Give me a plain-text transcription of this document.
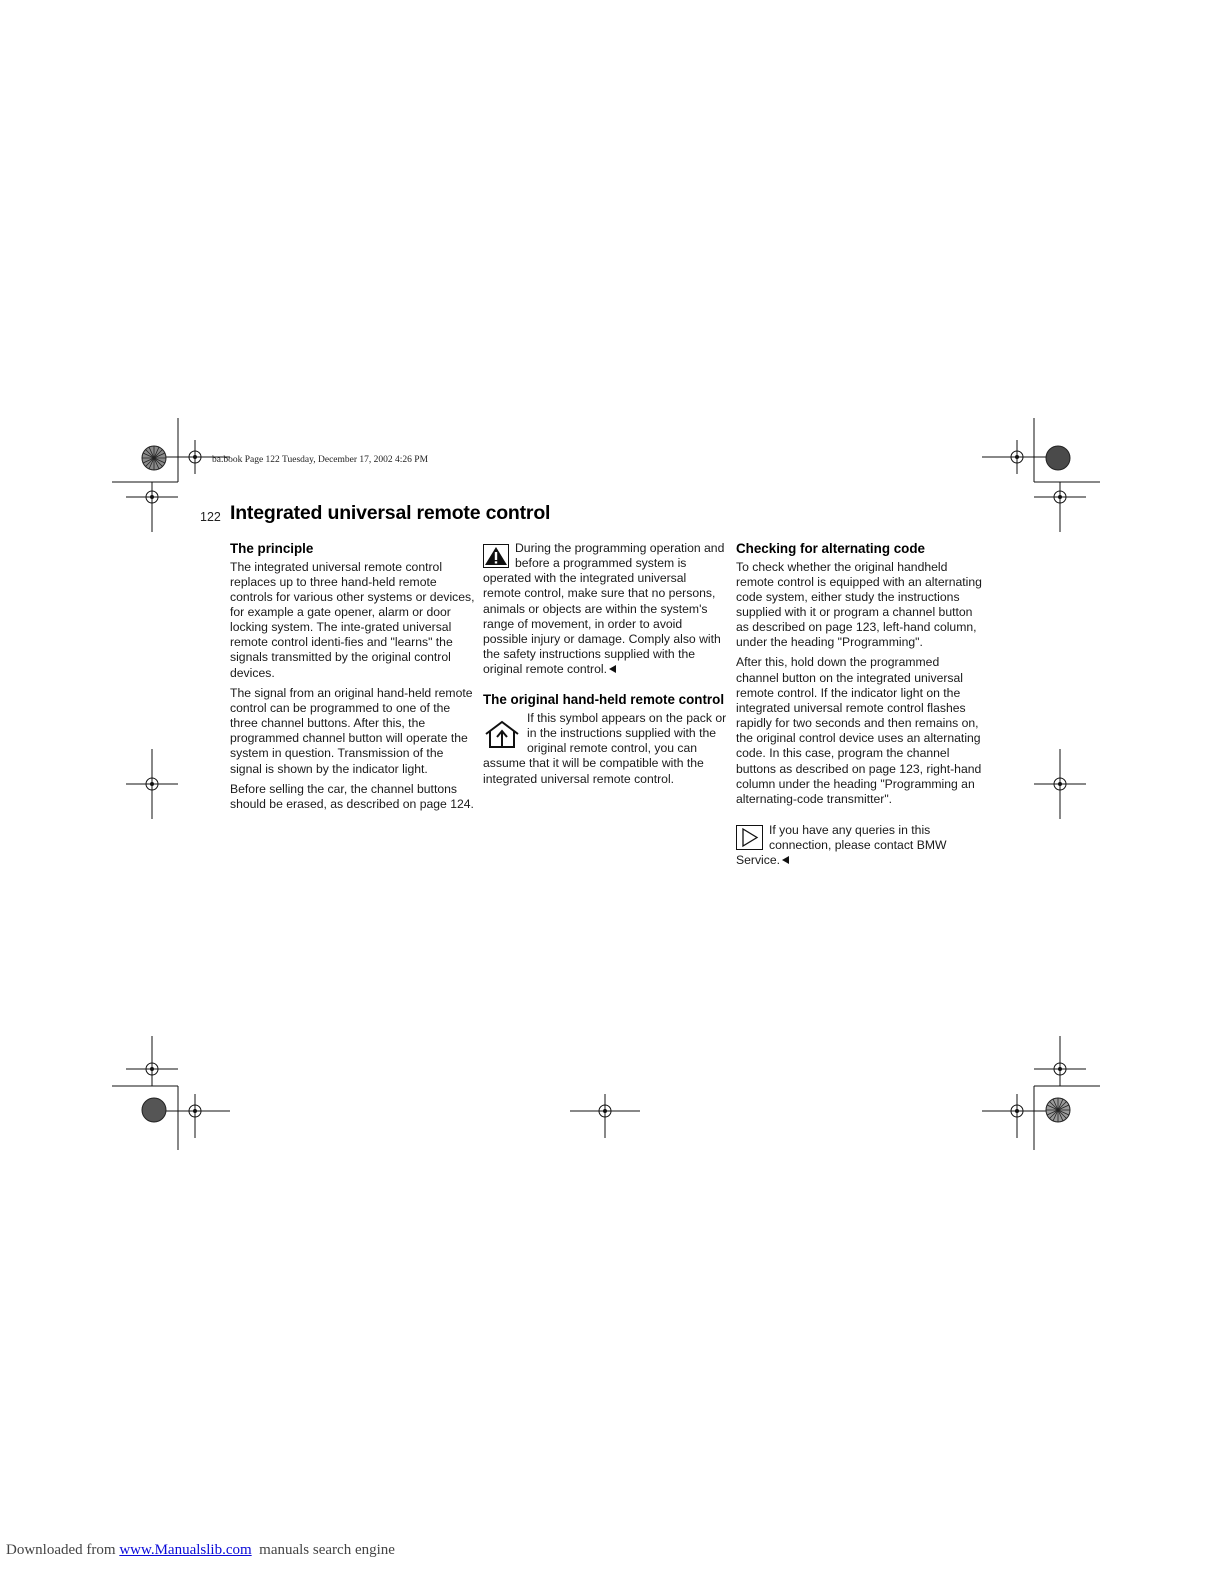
ba.book Page 122 Tuesday, December 17, 2002 4:26 PM
122 Integrated universal remote control
The principle

The integrated universal remote control replaces up to three hand-held remote controls for various other systems or devices, for example a gate opener, alarm or door locking system. The inte-grated universal remote control identi-fies and "learns" the signals transmitted by the original control devices.

The signal from an original hand-held remote control can be programmed to one of the three channel buttons. After this, the programmed channel button will operate the system in question. Transmission of the signal is shown by the indicator light.

Before selling the car, the channel buttons should be erased, as described on page 124.

During the programming operation and before a programmed system is operated with the integrated universal remote control, make sure that no persons, animals or objects are within the system's range of movement, in order to avoid possible injury or damage. Comply also with the safety instructions supplied with the original remote control.
The original hand-held remote control
If this symbol appears on the pack or in the instructions supplied with the original remote control, you can assume that it will be compatible with the integrated universal remote control.
Checking for alternating code

To check whether the original handheld remote control is equipped with an alternating code system, either study the instructions supplied with it or program a channel button as described on page 123, left-hand column, under the heading "Programming".

After this, hold down the programmed channel button on the integrated universal remote control. If the indicator light on the integrated universal remote control flashes rapidly for two seconds and then remains on, the original control device uses an alternating code. In this case, program the channel buttons as described on page 123, right-hand column under the heading "Programming an alternating-code transmitter".

If you have any queries in this connection, please contact BMW Service.
Downloaded from www.Manualslib.com  manuals search engine
